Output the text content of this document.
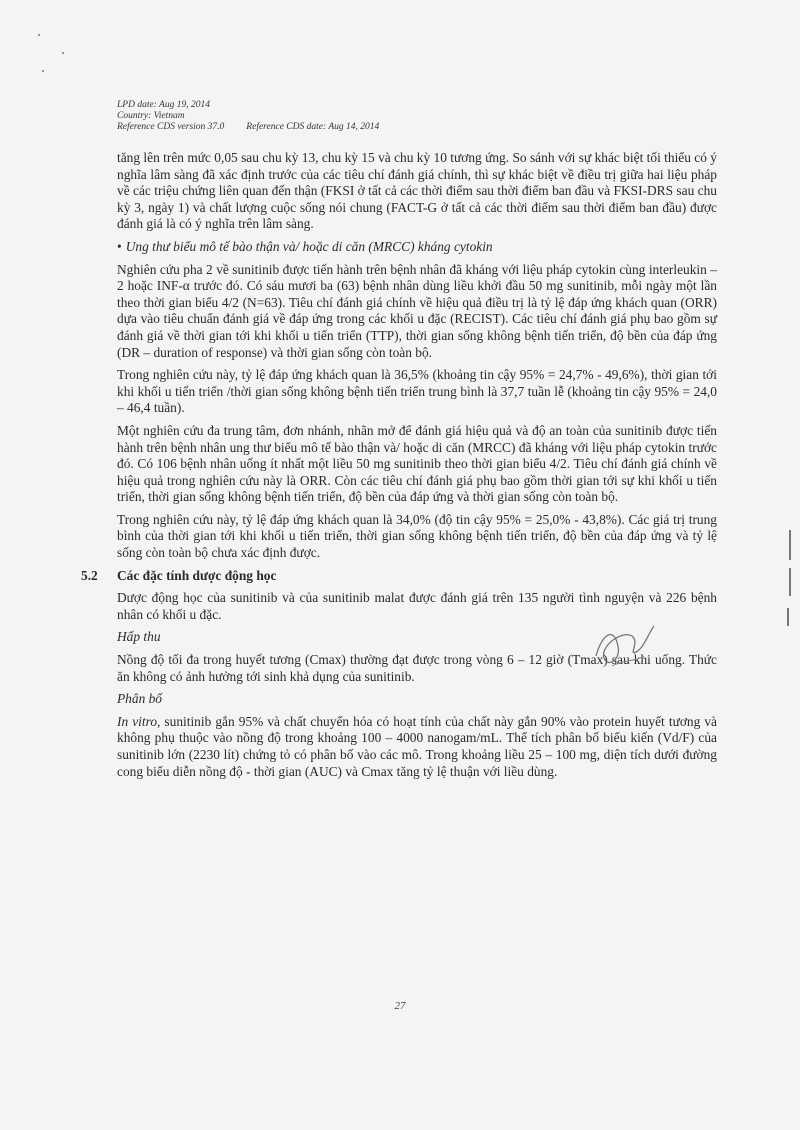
LPD date: Aug 19, 2014
Country: Vietnam
Reference CDS version 37.0 Reference CDS date: Aug 14, 2014

tăng lên trên mức 0,05 sau chu kỳ 13, chu kỳ 15 và chu kỳ 10 tương ứng. So sánh với sự khác biệt tối thiểu có ý nghĩa lâm sàng đã xác định trước của các tiêu chí đánh giá chính, thì sự khác biệt về điều trị giữa hai liệu pháp về các triệu chứng liên quan đến thận (FKSI ở tất cả các thời điểm sau thời điểm ban đầu và FKSI-DRS sau chu kỳ 3, ngày 1) và chất lượng cuộc sống nói chung (FACT-G ở tất cả các thời điểm sau thời điểm ban đầu) được đánh giá là có ý nghĩa trên lâm sàng.

• Ung thư biểu mô tế bào thận và/ hoặc di căn (MRCC) kháng cytokin

Nghiên cứu pha 2 về sunitinib được tiến hành trên bệnh nhân đã kháng với liệu pháp cytokin cùng interleukin – 2 hoặc INF-α trước đó. Có sáu mươi ba (63) bệnh nhân dùng liều khởi đầu 50 mg sunitinib, mỗi ngày một lần theo thời gian biểu 4/2 (N=63). Tiêu chí đánh giá chính về hiệu quả điều trị là tỷ lệ đáp ứng khách quan (ORR) dựa vào tiêu chuẩn đánh giá về đáp ứng trong các khối u đặc (RECIST). Các tiêu chí đánh giá phụ bao gồm sự đánh giá về thời gian tới khi khối u tiến triển (TTP), thời gian sống không bệnh tiến triển, độ bền của đáp ứng (DR – duration of response) và thời gian sống còn toàn bộ.

Trong nghiên cứu này, tỷ lệ đáp ứng khách quan là 36,5% (khoảng tin cậy 95% = 24,7% - 49,6%), thời gian tới khi khối u tiến triển /thời gian sống không bệnh tiến triển trung bình là 37,7 tuần lễ (khoảng tin cậy 95% = 24,0 – 46,4 tuần).

Một nghiên cứu đa trung tâm, đơn nhánh, nhãn mở để đánh giá hiệu quả và độ an toàn của sunitinib được tiến hành trên bệnh nhân ung thư biểu mô tế bào thận và/ hoặc di căn (MRCC) đã kháng với liệu pháp cytokin trước đó. Có 106 bệnh nhân uống ít nhất một liều 50 mg sunitinib theo thời gian biểu 4/2. Tiêu chí đánh giá chính về hiệu quả trong nghiên cứu này là ORR. Còn các tiêu chí đánh giá phụ bao gồm thời gian tới sự khi khối u tiến triển, thời gian sống không bệnh tiến triển, độ bền của đáp ứng và thời gian sống còn toàn bộ.

Trong nghiên cứu này, tỷ lệ đáp ứng khách quan là 34,0% (độ tin cậy 95% = 25,0% - 43,8%). Các giá trị trung bình của thời gian tới khi khối u tiến triển, thời gian sống không bệnh tiến triển, độ bền của đáp ứng và tỷ lệ sống còn toàn bộ chưa xác định được.

5.2 Các đặc tính dược động học

Dược động học của sunitinib và của sunitinib malat được đánh giá trên 135 người tình nguyện và 226 bệnh nhân có khối u đặc.

Hấp thu

Nồng độ tối đa trong huyết tương (Cmax) thường đạt được trong vòng 6 – 12 giờ (Tmax) sau khi uống. Thức ăn không có ảnh hưởng tới sinh khả dụng của sunitinib.

Phân bố

In vitro, sunitinib gắn 95% và chất chuyển hóa có hoạt tính của chất này gắn 90% vào protein huyết tương và không phụ thuộc vào nồng độ trong khoảng 100 – 4000 nanogam/mL. Thể tích phân bố biểu kiến (Vd/F) của sunitinib lớn (2230 lít) chứng tỏ có phân bố vào các mô. Trong khoảng liều 25 – 100 mg, diện tích dưới đường cong biểu diễn nồng độ - thời gian (AUC) và Cmax tăng tỷ lệ thuận với liều dùng.

27
